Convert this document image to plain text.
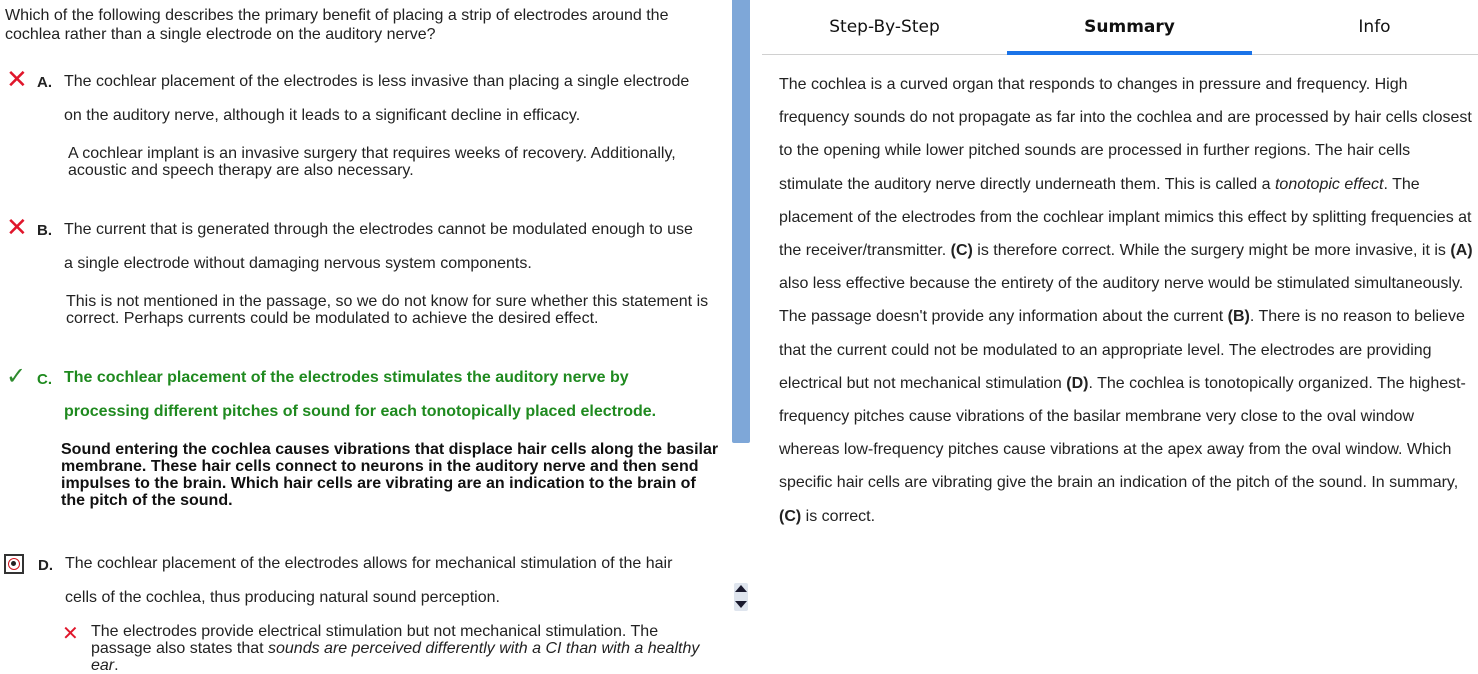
Which of the following describes the primary benefit of placing a strip of electrodes around the cochlea rather than a single electrode on the auditory nerve?
✕ A. The cochlear placement of the electrodes is less invasive than placing a single electrode
on the auditory nerve, although it leads to a significant decline in efficacy.
A cochlear implant is an invasive surgery that requires weeks of recovery. Additionally, acoustic and speech therapy are also necessary.
✕ B. The current that is generated through the electrodes cannot be modulated enough to use
a single electrode without damaging nervous system components.
This is not mentioned in the passage, so we do not know for sure whether this statement is correct. Perhaps currents could be modulated to achieve the desired effect.
✓ C. The cochlear placement of the electrodes stimulates the auditory nerve by
processing different pitches of sound for each tonotopically placed electrode.
Sound entering the cochlea causes vibrations that displace hair cells along the basilar membrane. These hair cells connect to neurons in the auditory nerve and then send impulses to the brain. Which hair cells are vibrating are an indication to the brain of the pitch of the sound.
D. The cochlear placement of the electrodes allows for mechanical stimulation of the hair
cells of the cochlea, thus producing natural sound perception.
✕ The electrodes provide electrical stimulation but not mechanical stimulation. The passage also states that sounds are perceived differently with a CI than with a healthy ear.
Step-By-Step	Summary	Info
The cochlea is a curved organ that responds to changes in pressure and frequency. High frequency sounds do not propagate as far into the cochlea and are processed by hair cells closest to the opening while lower pitched sounds are processed in further regions. The hair cells stimulate the auditory nerve directly underneath them. This is called a tonotopic effect. The placement of the electrodes from the cochlear implant mimics this effect by splitting frequencies at the receiver/transmitter. (C) is therefore correct. While the surgery might be more invasive, it is (A) also less effective because the entirety of the auditory nerve would be stimulated simultaneously. The passage doesn't provide any information about the current (B). There is no reason to believe that the current could not be modulated to an appropriate level. The electrodes are providing electrical but not mechanical stimulation (D). The cochlea is tonotopically organized. The highest-frequency pitches cause vibrations of the basilar membrane very close to the oval window whereas low-frequency pitches cause vibrations at the apex away from the oval window. Which specific hair cells are vibrating give the brain an indication of the pitch of the sound. In summary, (C) is correct.
